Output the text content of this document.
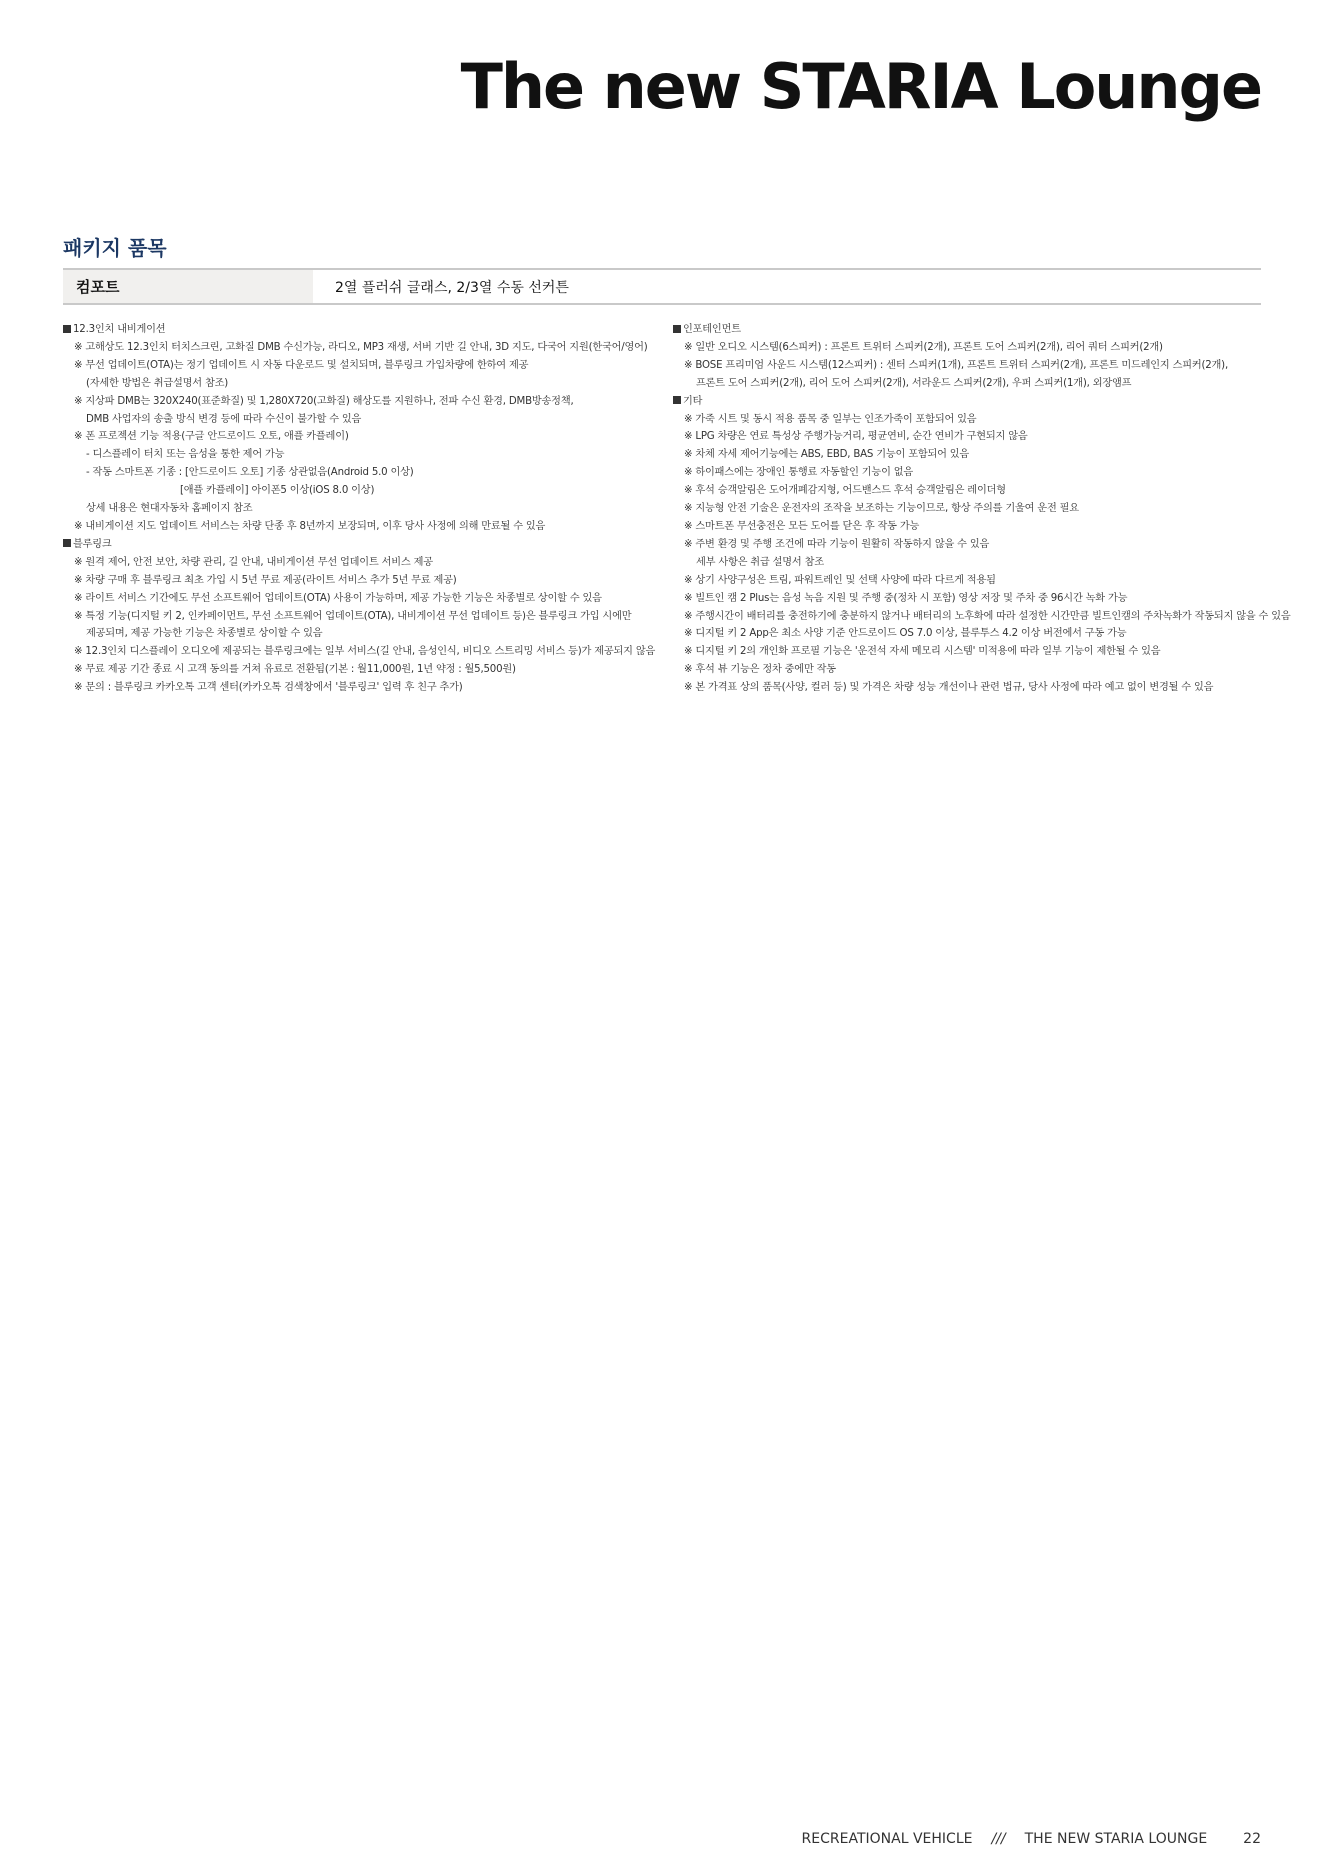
The new STARIA Lounge
패키지 품목
컴포트	2열 플러쉬 글래스, 2/3열 수동 선커튼
12.3인치 내비게이션
※ 고해상도 12.3인치 터치스크린, 고화질 DMB 수신가능, 라디오, MP3 재생, 서버 기반 길 안내, 3D 지도, 다국어 지원(한국어/영어)
※ 무선 업데이트(OTA)는 정기 업데이트 시 자동 다운로드 및 설치되며, 블루링크 가입차량에 한하여 제공
(자세한 방법은 취급설명서 참조)
※ 지상파 DMB는 320X240(표준화질) 및 1,280X720(고화질) 해상도를 지원하나, 전파 수신 환경, DMB방송정책,
DMB 사업자의 송출 방식 변경 등에 따라 수신이 불가할 수 있음
※ 폰 프로젝션 기능 적용(구글 안드로이드 오토, 애플 카플레이)
- 디스플레이 터치 또는 음성을 통한 제어 가능
- 작동 스마트폰 기종 : [안드로이드 오토] 기종 상관없음(Android 5.0 이상)
[애플 카플레이] 아이폰5 이상(iOS 8.0 이상)
상세 내용은 현대자동차 홈페이지 참조
※ 내비게이션 지도 업데이트 서비스는 차량 단종 후 8년까지 보장되며, 이후 당사 사정에 의해 만료될 수 있음
블루링크
※ 원격 제어, 안전 보안, 차량 관리, 길 안내, 내비게이션 무선 업데이트 서비스 제공
※ 차량 구매 후 블루링크 최초 가입 시 5년 무료 제공(라이트 서비스 추가 5년 무료 제공)
※ 라이트 서비스 기간에도 무선 소프트웨어 업데이트(OTA) 사용이 가능하며, 제공 가능한 기능은 차종별로 상이할 수 있음
※ 특정 기능(디지털 키 2, 인카페이먼트, 무선 소프트웨어 업데이트(OTA), 내비게이션 무선 업데이트 등)은 블루링크 가입 시에만
제공되며, 제공 가능한 기능은 차종별로 상이할 수 있음
※ 12.3인치 디스플레이 오디오에 제공되는 블루링크에는 일부 서비스(길 안내, 음성인식, 비디오 스트리밍 서비스 등)가 제공되지 않음
※ 무료 제공 기간 종료 시 고객 동의를 거쳐 유료로 전환됨(기본 : 월11,000원, 1년 약정 : 월5,500원)
※ 문의 : 블루링크 카카오톡 고객 센터(카카오톡 검색창에서 '블루링크' 입력 후 친구 추가)
인포테인먼트
※ 일반 오디오 시스템(6스피커) : 프론트 트위터 스피커(2개), 프론트 도어 스피커(2개), 리어 쿼터 스피커(2개)
※ BOSE 프리미엄 사운드 시스템(12스피커) : 센터 스피커(1개), 프론트 트위터 스피커(2개), 프론트 미드레인지 스피커(2개),
프론트 도어 스피커(2개), 리어 도어 스피커(2개), 서라운드 스피커(2개), 우퍼 스피커(1개), 외장앰프
기타
※ 가죽 시트 및 동시 적용 품목 중 일부는 인조가죽이 포함되어 있음
※ LPG 차량은 연료 특성상 주행가능거리, 평균연비, 순간 연비가 구현되지 않음
※ 차체 자세 제어기능에는 ABS, EBD, BAS 기능이 포함되어 있음
※ 하이패스에는 장애인 통행료 자동할인 기능이 없음
※ 후석 승객알림은 도어개폐감지형, 어드밴스드 후석 승객알림은 레이더형
※ 지능형 안전 기술은 운전자의 조작을 보조하는 기능이므로, 항상 주의를 기울여 운전 필요
※ 스마트폰 무선충전은 모든 도어를 닫은 후 작동 가능
※ 주변 환경 및 주행 조건에 따라 기능이 원활히 작동하지 않을 수 있음
세부 사항은 취급 설명서 참조
※ 상기 사양구성은 트림, 파워트레인 및 선택 사양에 따라 다르게 적용됨
※ 빌트인 캠 2 Plus는 음성 녹음 지원 및 주행 중(정차 시 포함) 영상 저장 및 주차 중 96시간 녹화 가능
※ 주행시간이 배터리를 충전하기에 충분하지 않거나 배터리의 노후화에 따라 설정한 시간만큼 빌트인캠의 주차녹화가 작동되지 않을 수 있음
※ 디지털 키 2 App은 최소 사양 기준 안드로이드 OS 7.0 이상, 블루투스 4.2 이상 버전에서 구동 가능
※ 디지털 키 2의 개인화 프로필 기능은 '운전석 자세 메모리 시스템' 미적용에 따라 일부 기능이 제한될 수 있음
※ 후석 뷰 기능은 정차 중에만 작동
※ 본 가격표 상의 품목(사양, 컬러 등) 및 가격은 차량 성능 개선이나 관련 법규, 당사 사정에 따라 예고 없이 변경될 수 있음
RECREATIONAL VEHICLE /// THE NEW STARIA LOUNGE	22
